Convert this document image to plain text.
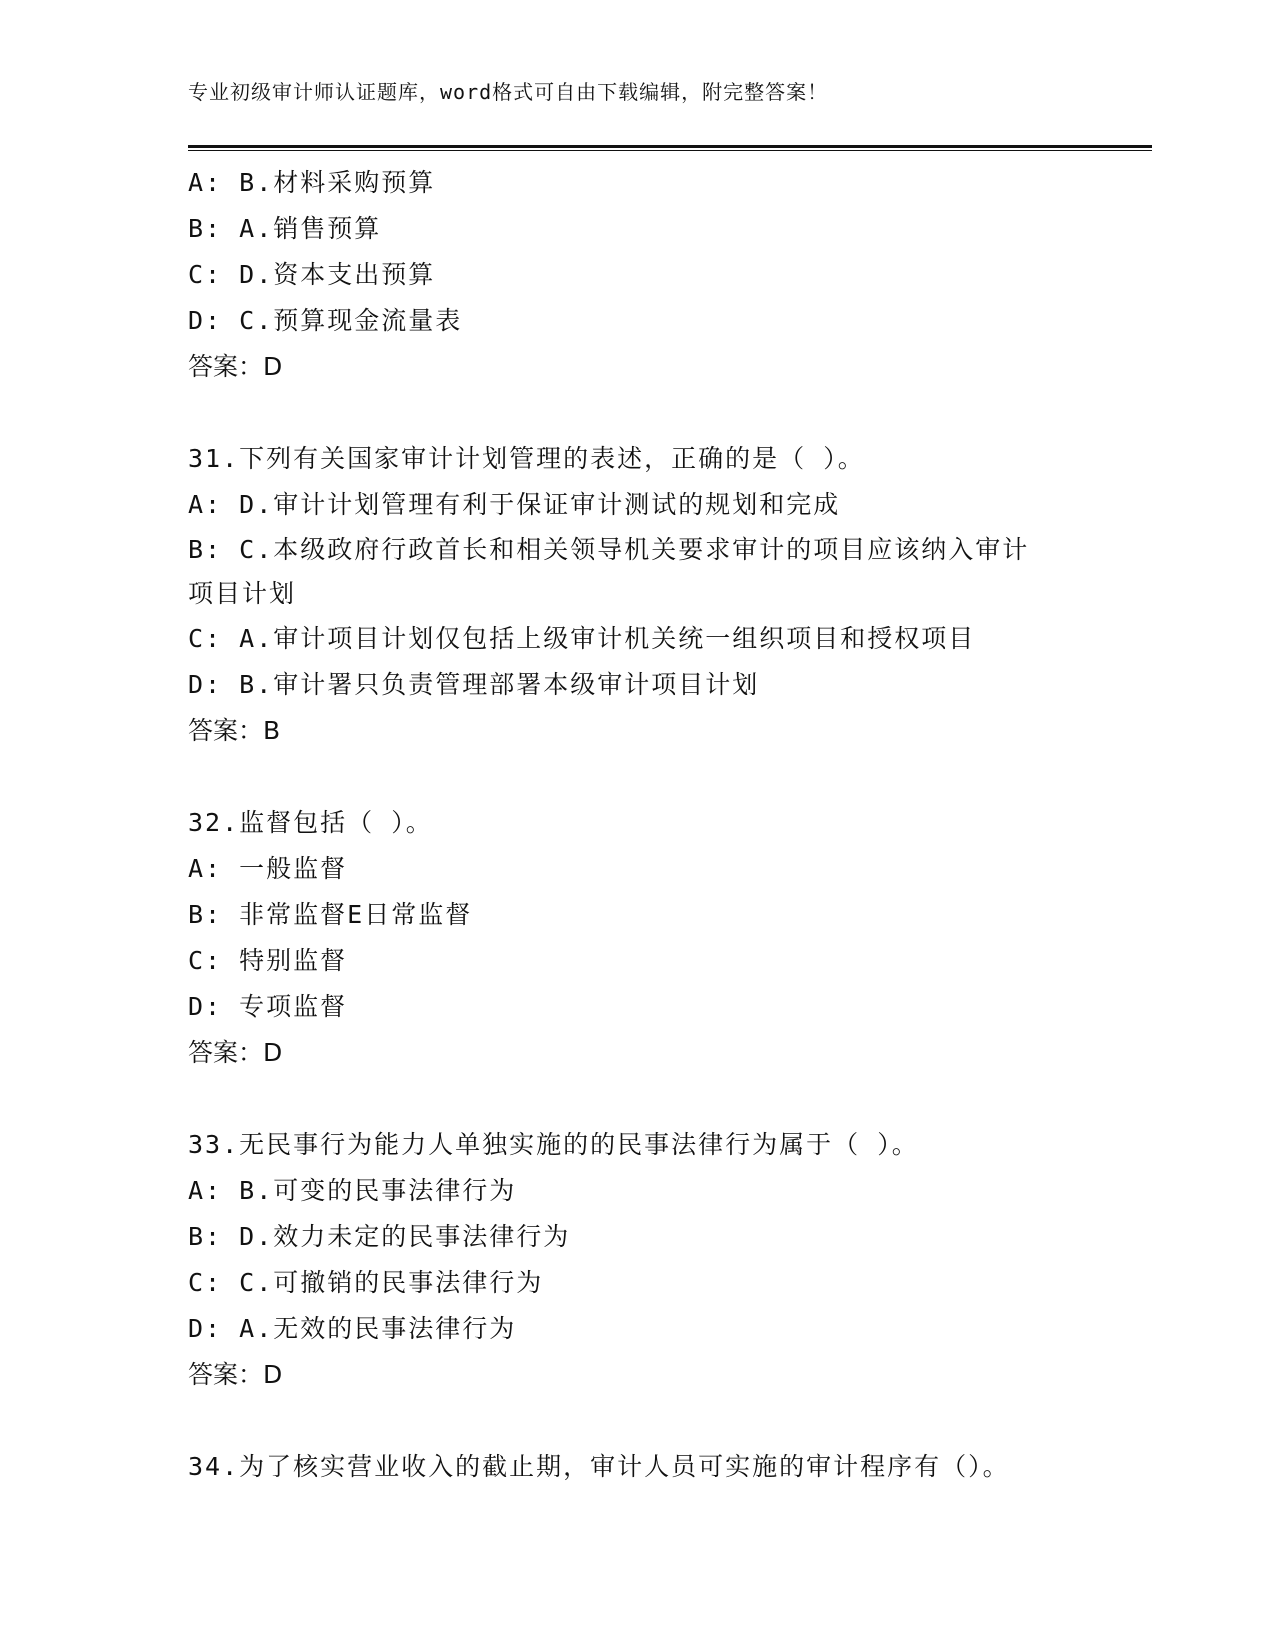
专业初级审计师认证题库，word格式可自由下载编辑，附完整答案！
A: B.材料采购预算
B: A.销售预算
C: D.资本支出预算
D: C.预算现金流量表
答案：D
31.下列有关国家审计计划管理的表述，正确的是（ ）。
A: D.审计计划管理有利于保证审计测试的规划和完成
B: C.本级政府行政首长和相关领导机关要求审计的项目应该纳入审计项目计划
C: A.审计项目计划仅包括上级审计机关统一组织项目和授权项目
D: B.审计署只负责管理部署本级审计项目计划
答案：B
32.监督包括（ ）。
A: 一般监督
B: 非常监督E日常监督
C: 特别监督
D: 专项监督
答案：D
33.无民事行为能力人单独实施的的民事法律行为属于（ ）。
A: B.可变的民事法律行为
B: D.效力未定的民事法律行为
C: C.可撤销的民事法律行为
D: A.无效的民事法律行为
答案：D
34.为了核实营业收入的截止期，审计人员可实施的审计程序有（）。
